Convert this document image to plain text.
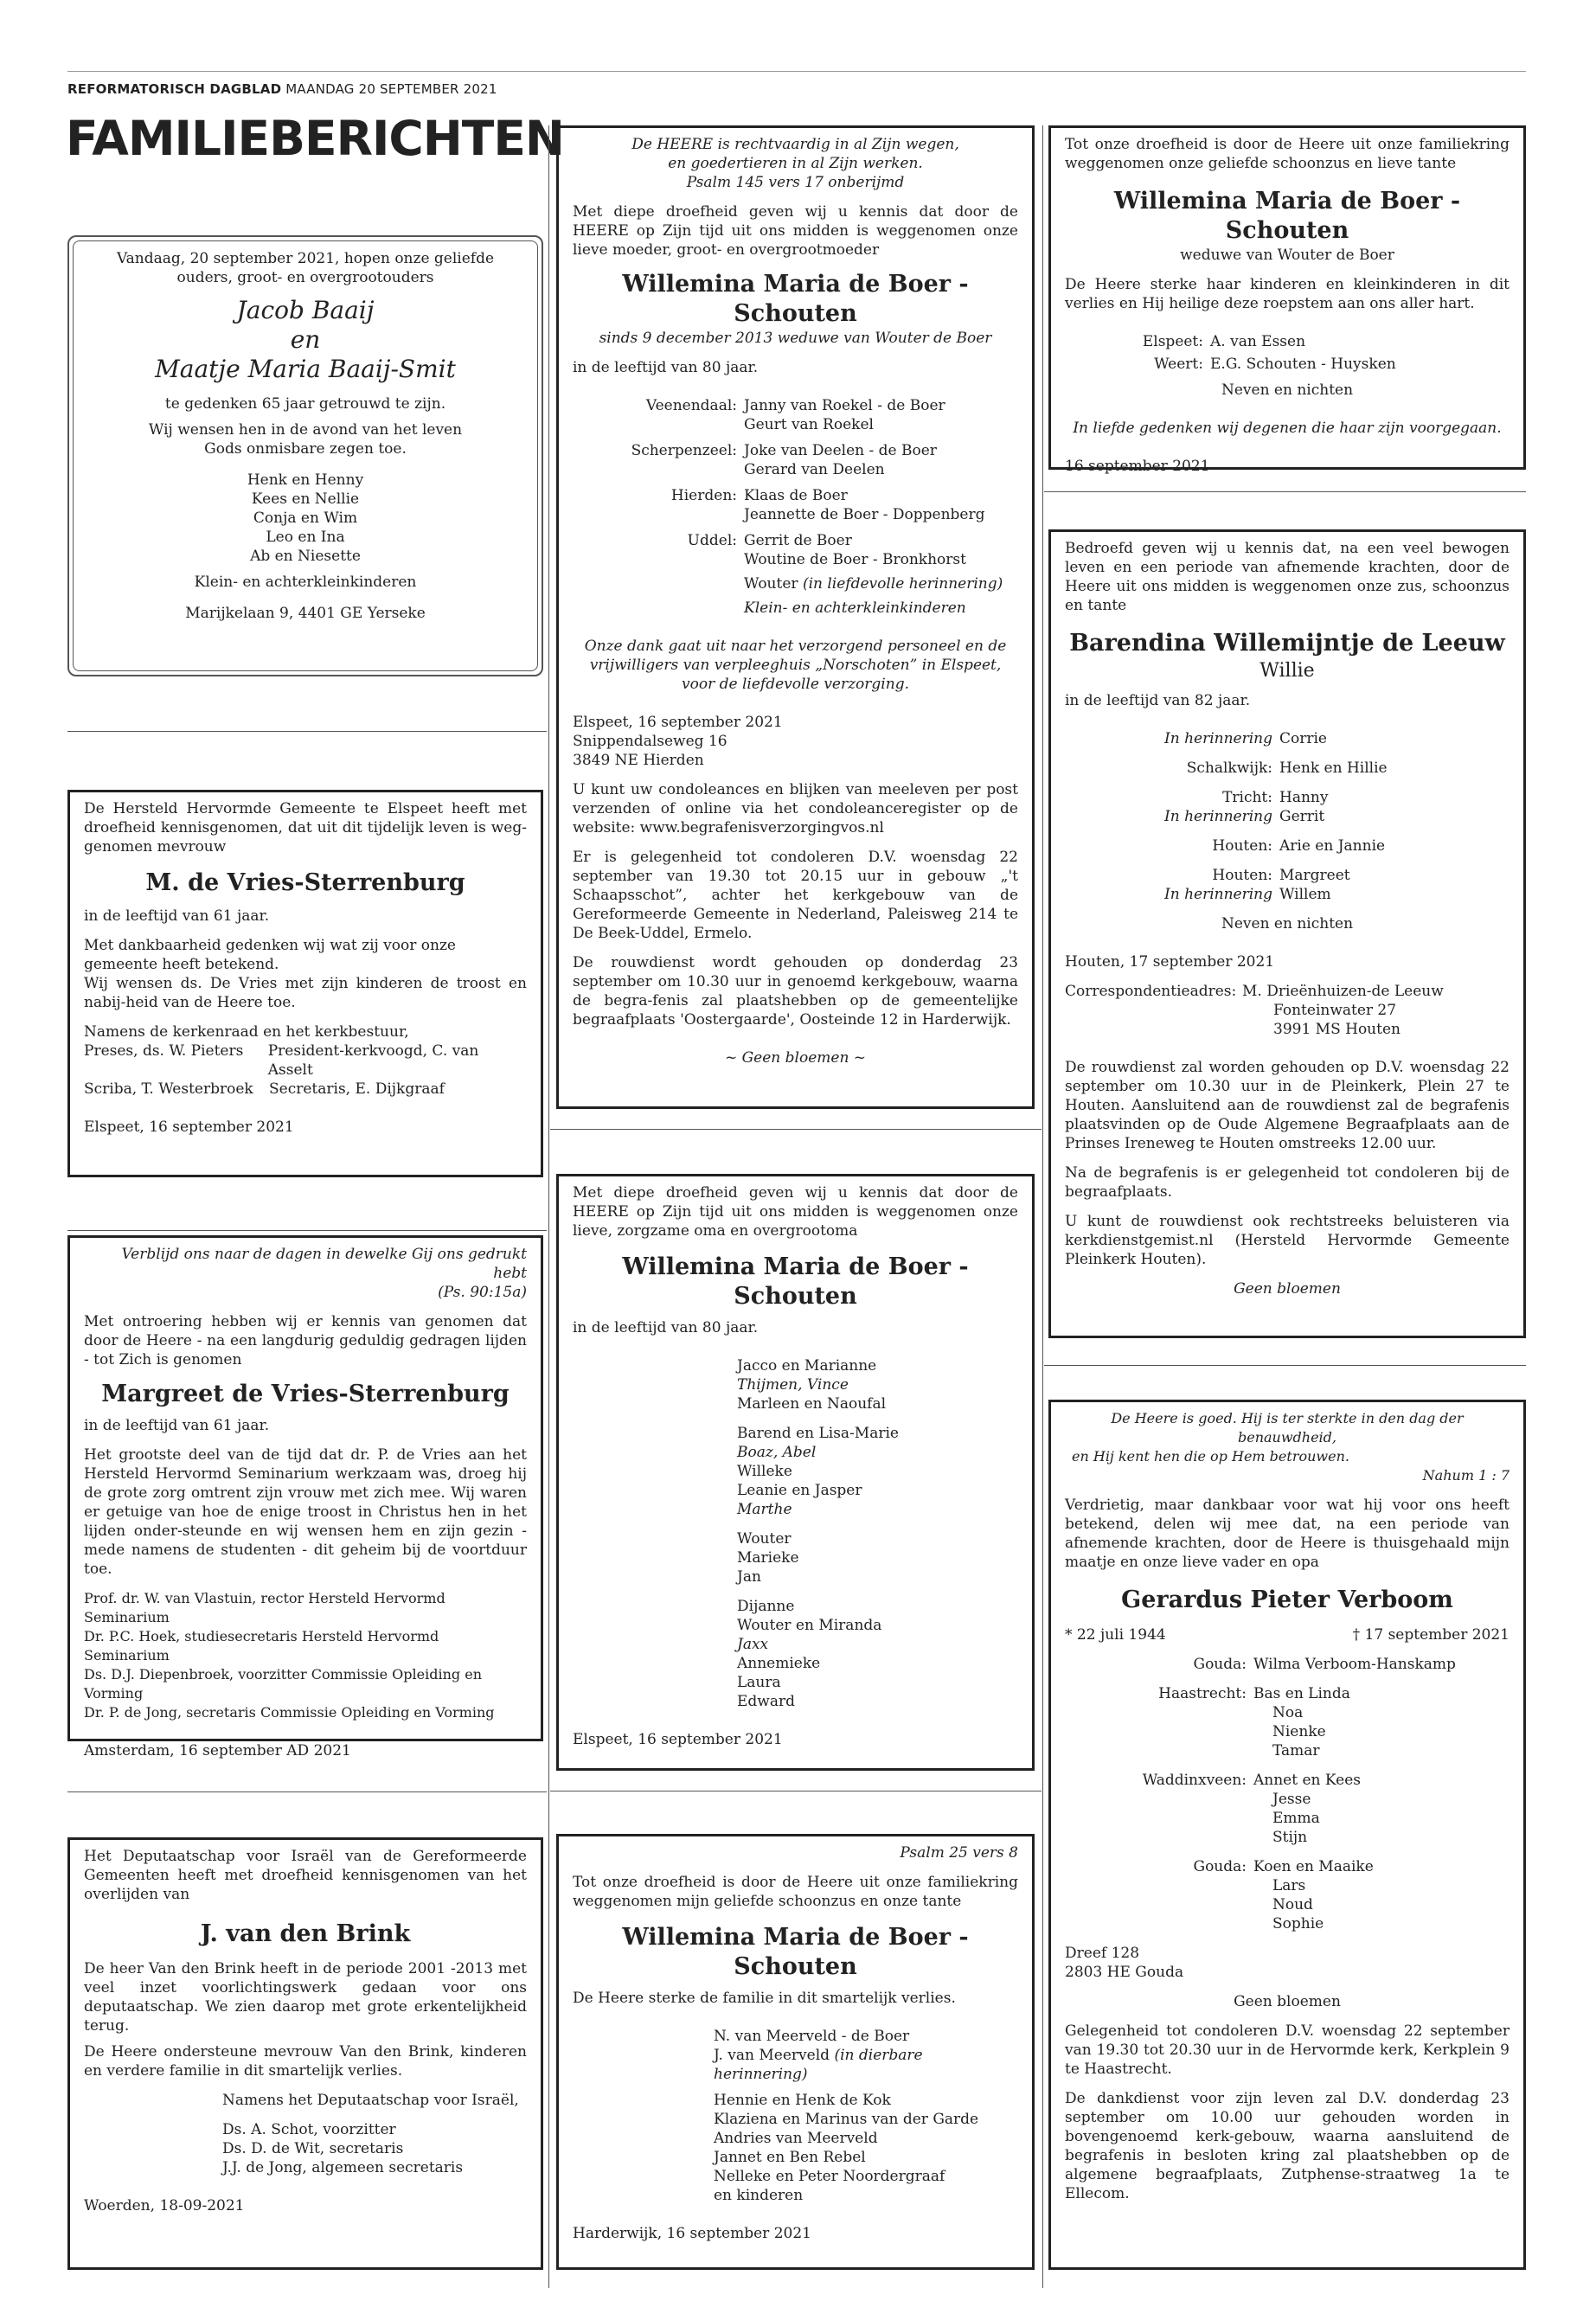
REFORMATORISCH DAGBLAD MAANDAG 20 SEPTEMBER 2021
FAMILIEBERICHTEN

Vandaag, 20 september 2021, hopen onze geliefde

ouders, groot- en overgrootouders

Jacob Baaij

en

Maatje Maria Baaij-Smit

te gedenken 65 jaar getrouwd te zijn.

Wij wensen hen in de avond van het leven

Gods onmisbare zegen toe.

Henk en Henny

Kees en Nellie

Conja en Wim

Leo en Ina

Ab en Niesette

Klein- en achterkleinkinderen

Marijkelaan 9, 4401 GE Yerseke

De Hersteld Hervormde Gemeente te Elspeet heeft met droefheid kennisgenomen, dat uit dit tijdelijk leven is weg-genomen mevrouw

M. de Vries-Sterrenburg

in de leeftijd van 61 jaar.

Met dankbaarheid gedenken wij wat zij voor onze gemeente heeft betekend.

Wij wensen ds. De Vries met zijn kinderen de troost en nabij-heid van de Heere toe.

Namens de kerkenraad en het kerkbestuur,

Preses, ds. W. Pieters	President-kerkvoogd, C. van Asselt
Scriba, T. Westerbroek	Secretaris, E. Dijkgraaf

Elspeet, 16 september 2021

Verblijd ons naar de dagen in dewelke Gij ons gedrukt hebt

(Ps. 90:15a)

Met ontroering hebben wij er kennis van genomen dat door de Heere - na een langdurig geduldig gedragen lijden - tot Zich is genomen

Margreet de Vries-Sterrenburg

in de leeftijd van 61 jaar.

Het grootste deel van de tijd dat dr. P. de Vries aan het Hersteld Hervormd Seminarium werkzaam was, droeg hij de grote zorg omtrent zijn vrouw met zich mee. Wij waren er getuige van hoe de enige troost in Christus hen in het lijden onder-steunde en wij wensen hem en zijn gezin - mede namens de studenten - dit geheim bij de voortduur toe.

Prof. dr. W. van Vlastuin, rector Hersteld Hervormd Seminarium

Dr. P.C. Hoek, studiesecretaris Hersteld Hervormd Seminarium

Ds. D.J. Diepenbroek, voorzitter Commissie Opleiding en Vorming

Dr. P. de Jong, secretaris Commissie Opleiding en Vorming

Amsterdam, 16 september AD 2021

Het Deputaatschap voor Israël van de Gereformeerde Gemeenten heeft met droefheid kennisgenomen van het overlijden van

J. van den Brink

De heer Van den Brink heeft in de periode 2001 -2013 met veel inzet voorlichtingswerk gedaan voor ons deputaatschap. We zien daarop met grote erkentelijkheid terug.

De Heere ondersteune mevrouw Van den Brink, kinderen en verdere familie in dit smartelijk verlies.

Namens het Deputaatschap voor Israël,

Ds. A. Schot, voorzitter

Ds. D. de Wit, secretaris

J.J. de Jong, algemeen secretaris

Woerden, 18-09-2021

De HEERE is rechtvaardig in al Zijn wegen,

en goedertieren in al Zijn werken.

Psalm 145 vers 17 onberijmd

Met diepe droefheid geven wij u kennis dat door de HEERE op Zijn tijd uit ons midden is weggenomen onze lieve moeder, groot- en overgrootmoeder

Willemina Maria de Boer - Schouten

sinds 9 december 2013 weduwe van Wouter de Boer

in de leeftijd van 80 jaar.

Veenendaal: Janny van Roekel - de Boer

Geurt van Roekel

Scherpenzeel: Joke van Deelen - de Boer

Gerard van Deelen

Hierden: Klaas de Boer

Jeannette de Boer - Doppenberg

Uddel: Gerrit de Boer

Woutine de Boer - Bronkhorst

Wouter (in liefdevolle herinnering)

Klein- en achterkleinkinderen

Onze dank gaat uit naar het verzorgend personeel en de

vrijwilligers van verpleeghuis „Norschoten” in Elspeet,

voor de liefdevolle verzorging.

Elspeet, 16 september 2021

Snippendalseweg 16

3849 NE Hierden

U kunt uw condoleances en blijken van meeleven per post verzenden of online via het condoleanceregister op de website: www.begrafenisverzorgingvos.nl

Er is gelegenheid tot condoleren D.V. woensdag 22 september van 19.30 tot 20.15 uur in gebouw „'t Schaapsschot”, achter het kerkgebouw van de Gereformeerde Gemeente in Nederland, Paleisweg 214 te De Beek-Uddel, Ermelo.

De rouwdienst wordt gehouden op donderdag 23 september om 10.30 uur in genoemd kerkgebouw, waarna de begra-fenis zal plaatshebben op de gemeentelijke begraafplaats 'Oostergaarde', Oosteinde 12 in Harderwijk.

~ Geen bloemen ~

Met diepe droefheid geven wij u kennis dat door de HEERE op Zijn tijd uit ons midden is weggenomen onze lieve, zorgzame oma en overgrootoma

Willemina Maria de Boer - Schouten

in de leeftijd van 80 jaar.

Jacco en Marianne

Thijmen, Vince

Marleen en Naoufal

Barend en Lisa-Marie

Boaz, Abel

Willeke

Leanie en Jasper

Marthe

Wouter

Marieke

Jan

Dijanne

Wouter en Miranda

Jaxx

Annemieke

Laura

Edward

Elspeet, 16 september 2021

Psalm 25 vers 8

Tot onze droefheid is door de Heere uit onze familiekring weggenomen mijn geliefde schoonzus en onze tante

Willemina Maria de Boer - Schouten

De Heere sterke de familie in dit smartelijk verlies.

N. van Meerveld - de Boer

J. van Meerveld (in dierbare herinnering)

Hennie en Henk de Kok

Klaziena en Marinus van der Garde

Andries van Meerveld

Jannet en Ben Rebel

Nelleke en Peter Noordergraaf

en kinderen

Harderwijk, 16 september 2021

Tot onze droefheid is door de Heere uit onze familiekring weggenomen onze geliefde schoonzus en lieve tante

Willemina Maria de Boer - Schouten

weduwe van Wouter de Boer

De Heere sterke haar kinderen en kleinkinderen in dit verlies en Hij heilige deze roepstem aan ons aller hart.

Elspeet: A. van Essen
Weert: E.G. Schouten - Huysken

Neven en nichten

In liefde gedenken wij degenen die haar zijn voorgegaan.

16 september 2021

Bedroefd geven wij u kennis dat, na een veel bewogen leven en een periode van afnemende krachten, door de Heere uit ons midden is weggenomen onze zus, schoonzus en tante

Barendina Willemijntje de Leeuw

Willie

in de leeftijd van 82 jaar.

In herinnering Corrie
Schalkwijk: Henk en Hillie
Tricht: Hanny
In herinnering Gerrit
Houten: Arie en Jannie
Houten: Margreet
In herinnering Willem

Neven en nichten

Houten, 17 september 2021

Correspondentieadres: M. Drieënhuizen-de Leeuw

Fonteinwater 27

3991 MS Houten

De rouwdienst zal worden gehouden op D.V. woensdag 22 september om 10.30 uur in de Pleinkerk, Plein 27 te Houten. Aansluitend aan de rouwdienst zal de begrafenis plaatsvinden op de Oude Algemene Begraafplaats aan de Prinses Ireneweg te Houten omstreeks 12.00 uur.

Na de begrafenis is er gelegenheid tot condoleren bij de begraafplaats.

U kunt de rouwdienst ook rechtstreeks beluisteren via kerkdienstgemist.nl (Hersteld Hervormde Gemeente Pleinkerk Houten).

Geen bloemen

De Heere is goed. Hij is ter sterkte in den dag der benauwdheid,

en Hij kent hen die op Hem betrouwen.

Nahum 1 : 7

Verdrietig, maar dankbaar voor wat hij voor ons heeft betekend, delen wij mee dat, na een periode van afnemende krachten, door de Heere is thuisgehaald mijn maatje en onze lieve vader en opa

Gerardus Pieter Verboom

* 22 juli 1944	† 17 september 2021
Gouda: Wilma Verboom-Hanskamp
Haastrecht: Bas en Linda

Noa

Nienke

Tamar

Waddinxveen: Annet en Kees

Jesse

Emma

Stijn

Gouda: Koen en Maaike

Lars

Noud

Sophie

Dreef 128

2803 HE Gouda

Geen bloemen

Gelegenheid tot condoleren D.V. woensdag 22 september van 19.30 tot 20.30 uur in de Hervormde kerk, Kerkplein 9 te Haastrecht.

De dankdienst voor zijn leven zal D.V. donderdag 23 september om 10.00 uur gehouden worden in bovengenoemd kerk-gebouw, waarna aansluitend de begrafenis in besloten kring zal plaatshebben op de algemene begraafplaats, Zutphense-straatweg 1a te Ellecom.
